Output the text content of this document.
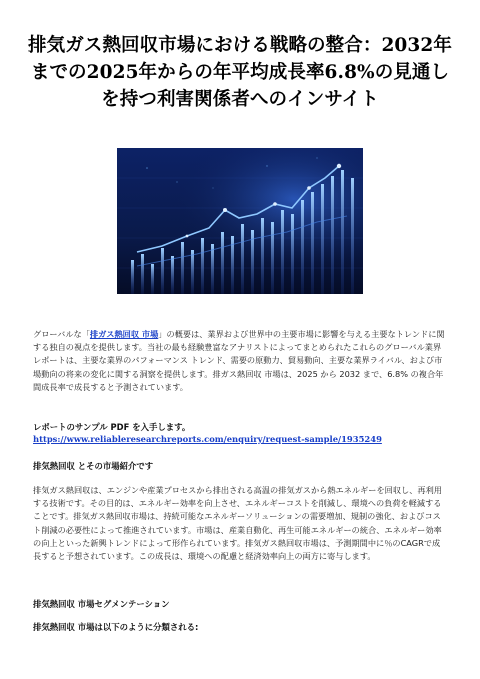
排気ガス熱回収市場における戦略の整合：2032年までの2025年からの年平均成長率6.8%の見通しを持つ利害関係者へのインサイト
グローバルな「排ガス熱回収 市場」の概要は、業界および世界中の主要市場に影響を与える主要なトレンドに関する独自の視点を提供します。当社の最も経験豊富なアナリストによってまとめられたこれらのグローバル業界レポートは、主要な業界のパフォーマンス トレンド、需要の原動力、貿易動向、主要な業界ライバル、および市場動向の将来の変化に関する洞察を提供します。排ガス熱回収 市場は、2025 から 2032 まで、6.8% の複合年間成長率で成長すると予測されています。
レポートのサンプル PDF を入手します。
https://www.reliableresearchreports.com/enquiry/request-sample/1935249
排気熱回収 とその市場紹介です
排気ガス熱回収は、エンジンや産業プロセスから排出される高温の排気ガスから熱エネルギーを回収し、再利用する技術です。その目的は、エネルギー効率を向上させ、エネルギーコストを削減し、環境への負荷を軽減することです。排気ガス熱回収市場は、持続可能なエネルギーソリューションの需要増加、規制の強化、およびコスト削減の必要性によって推進されています。市場は、産業自動化、再生可能エネルギーの統合、エネルギー効率の向上といった新興トレンドによって形作られています。排気ガス熱回収市場は、予測期間中に％のCAGRで成長すると予想されています。この成長は、環境への配慮と経済効率向上の両方に寄与します。
排気熱回収 市場セグメンテーション
排気熱回収 市場は以下のように分類される:
